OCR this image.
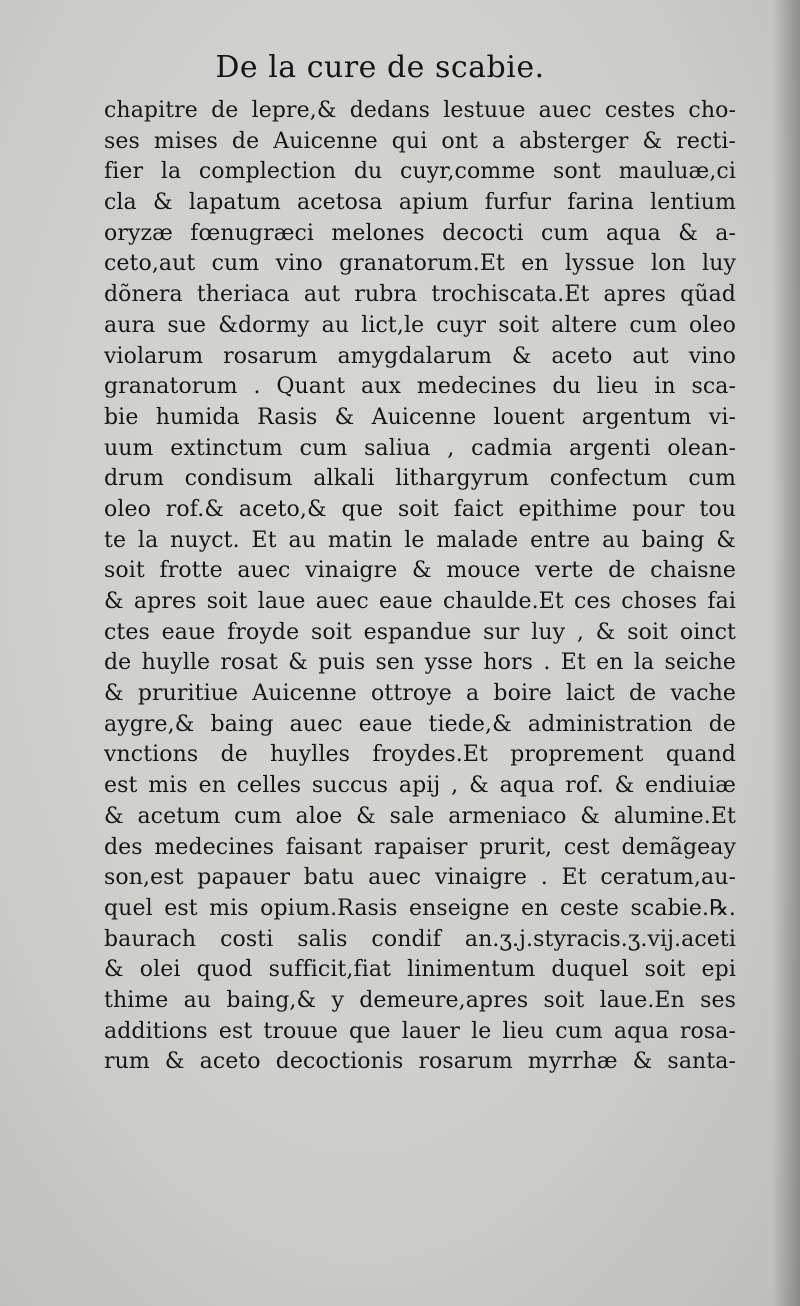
De la cure de scabie.
chapitre de lepre,& dedans lestuue auec cestes cho-
ses mises de Auicenne qui ont a absterger & recti-
fier la complection du cuyr,comme sont mauluæ,ci
cla & lapatum acetosa apium furfur farina lentium
oryzæ fœnugræci melones decocti cum aqua & a-
ceto,aut cum vino granatorum.Et en lyssue lon luy
dõnera theriaca aut rubra trochiscata.Et apres qũad
aura sue &dormy au lict,le cuyr soit altere cum oleo
violarum rosarum amygdalarum & aceto aut vino
granatorum . Quant aux medecines du lieu in sca-
bie humida Rasis & Auicenne louent argentum vi-
uum extinctum cum saliua , cadmia argenti olean-
drum condisum alkali lithargyrum confectum cum
oleo rof.& aceto,& que soit faict epithime pour tou
te la nuyct. Et au matin le malade entre au baing &
soit frotte auec vinaigre & mouce verte de chaisne
& apres soit laue auec eaue chaulde.Et ces choses fai
ctes eaue froyde soit espandue sur luy , & soit oinct
de huylle rosat & puis sen ysse hors . Et en la seiche
& pruritiue Auicenne ottroye a boire laict de vache
aygre,& baing auec eaue tiede,& administration de
vnctions de huylles froydes.Et proprement quand
est mis en celles succus apij , & aqua rof. & endiuiæ
& acetum cum aloe & sale armeniaco & alumine.Et
des medecines faisant rapaiser prurit, cest demãgeay
son,est papauer batu auec vinaigre . Et ceratum,au-
quel est mis opium.Rasis enseigne en ceste scabie.℞.
baurach costi salis condif an.ʒ.j.styracis.ʒ.vij.aceti
& olei quod sufficit,fiat linimentum duquel soit epi
thime au baing,& y demeure,apres soit laue.En ses
additions est trouue que lauer le lieu cum aqua rosa-
rum & aceto decoctionis rosarum myrrhæ & santa-
